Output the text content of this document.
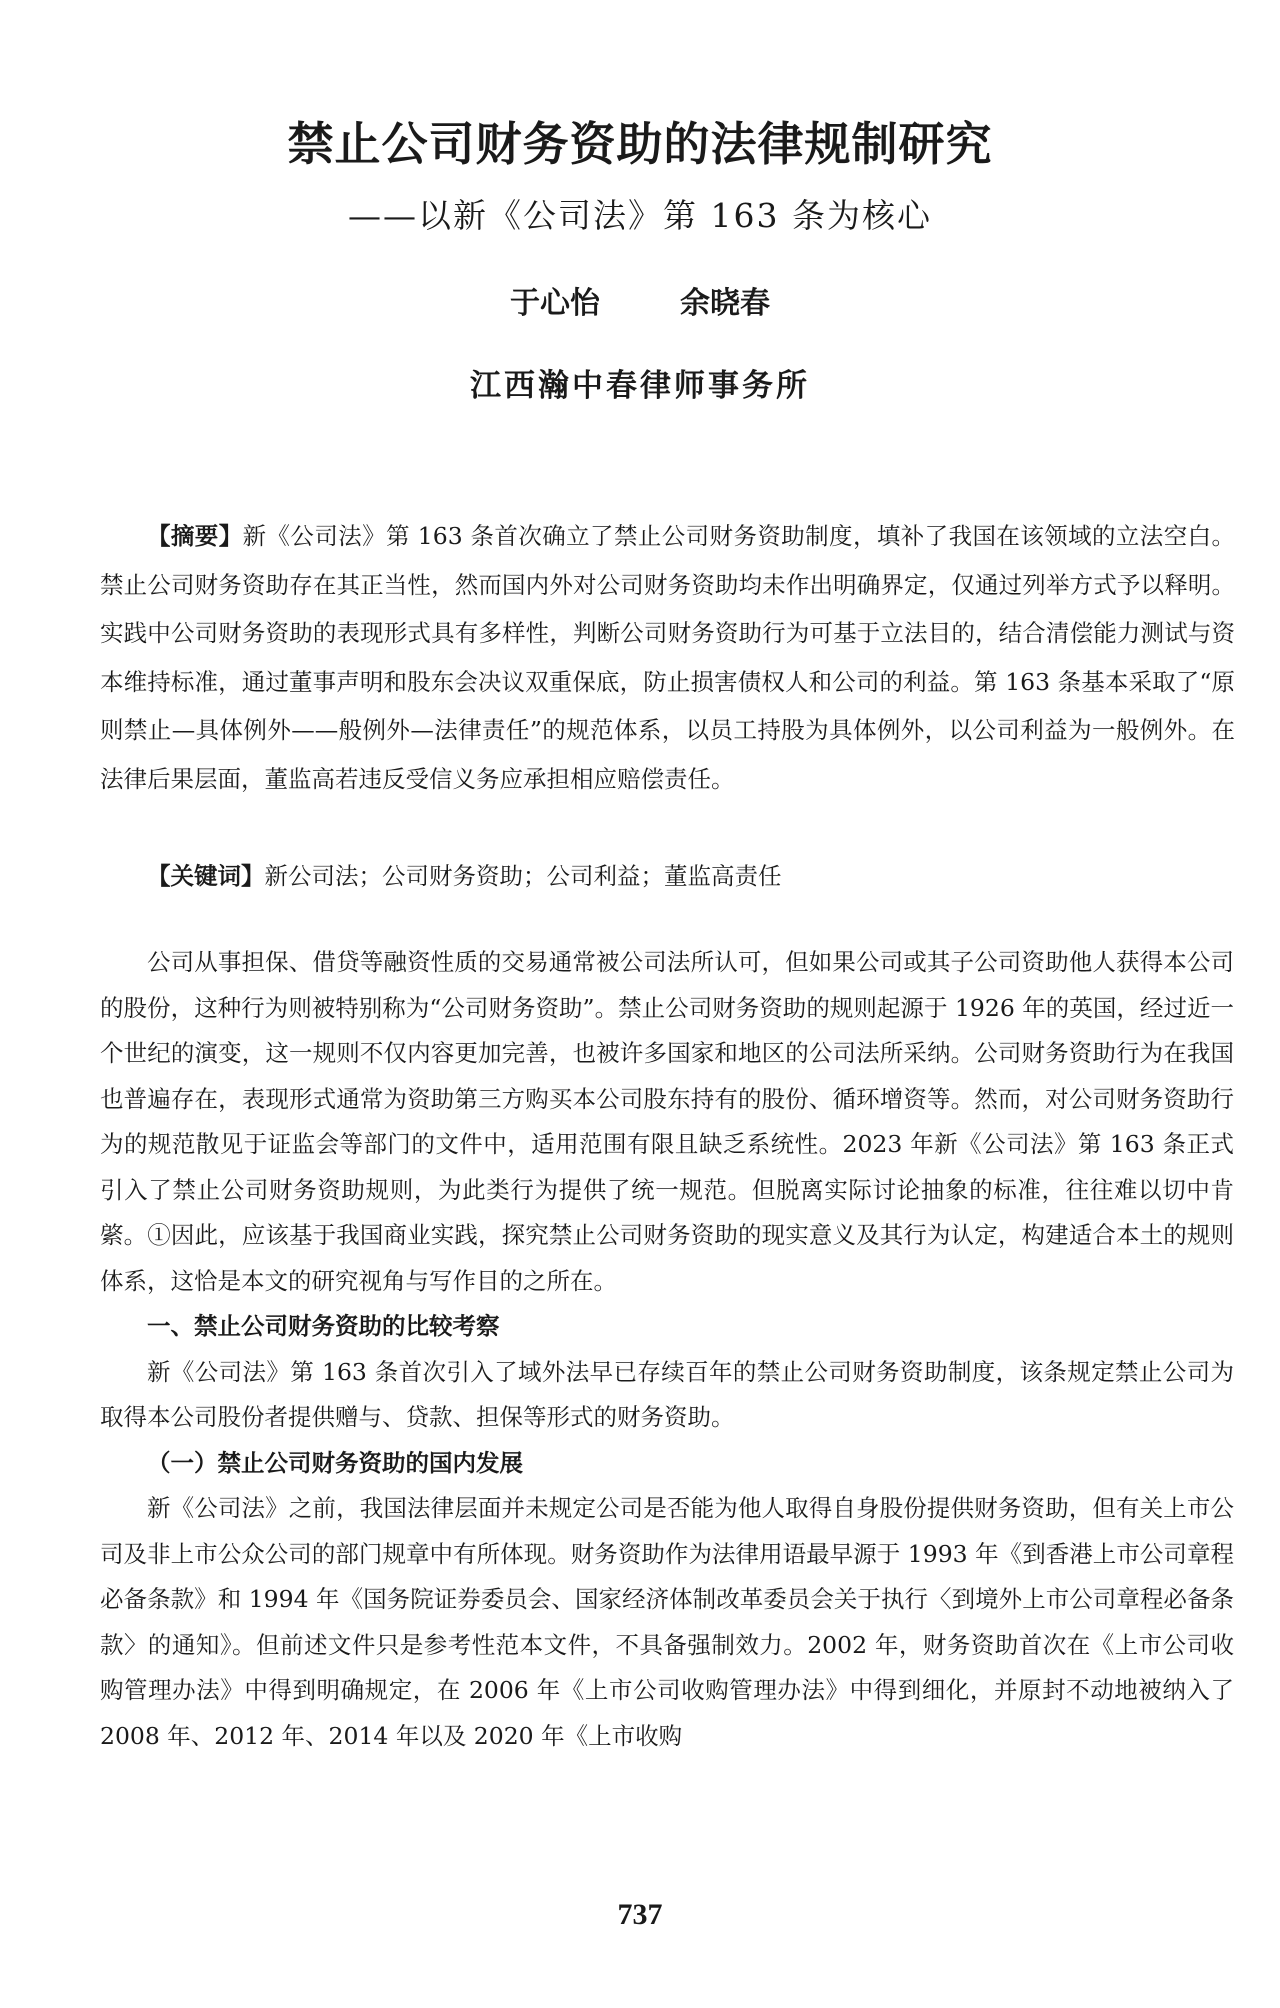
禁止公司财务资助的法律规制研究
——以新《公司法》第 163 条为核心
于心怡	余晓春
江西瀚中春律师事务所

【摘要】新《公司法》第 163 条首次确立了禁止公司财务资助制度，填补了我国在该领域的立法空白。禁止公司财务资助存在其正当性，然而国内外对公司财务资助均未作出明确界定，仅通过列举方式予以释明。实践中公司财务资助的表现形式具有多样性，判断公司财务资助行为可基于立法目的，结合清偿能力测试与资本维持标准，通过董事声明和股东会决议双重保底，防止损害债权人和公司的利益。第 163 条基本采取了“原则禁止—具体例外——般例外—法律责任”的规范体系，以员工持股为具体例外，以公司利益为一般例外。在法律后果层面，董监高若违反受信义务应承担相应赔偿责任。

【关键词】新公司法；公司财务资助；公司利益；董监高责任

公司从事担保、借贷等融资性质的交易通常被公司法所认可，但如果公司或其子公司资助他人获得本公司的股份，这种行为则被特别称为“公司财务资助”。禁止公司财务资助的规则起源于 1926 年的英国，经过近一个世纪的演变，这一规则不仅内容更加完善，也被许多国家和地区的公司法所采纳。公司财务资助行为在我国也普遍存在，表现形式通常为资助第三方购买本公司股东持有的股份、循环增资等。然而，对公司财务资助行为的规范散见于证监会等部门的文件中，适用范围有限且缺乏系统性。2023 年新《公司法》第 163 条正式引入了禁止公司财务资助规则，为此类行为提供了统一规范。但脱离实际讨论抽象的标准，往往难以切中肯綮。①因此，应该基于我国商业实践，探究禁止公司财务资助的现实意义及其行为认定，构建适合本土的规则体系，这恰是本文的研究视角与写作目的之所在。

一、禁止公司财务资助的比较考察

新《公司法》第 163 条首次引入了域外法早已存续百年的禁止公司财务资助制度，该条规定禁止公司为取得本公司股份者提供赠与、贷款、担保等形式的财务资助。

（一）禁止公司财务资助的国内发展

新《公司法》之前，我国法律层面并未规定公司是否能为他人取得自身股份提供财务资助，但有关上市公司及非上市公众公司的部门规章中有所体现。财务资助作为法律用语最早源于 1993 年《到香港上市公司章程必备条款》和 1994 年《国务院证券委员会、国家经济体制改革委员会关于执行〈到境外上市公司章程必备条款〉的通知》。但前述文件只是参考性范本文件，不具备强制效力。2002 年，财务资助首次在《上市公司收购管理办法》中得到明确规定，在 2006 年《上市公司收购管理办法》中得到细化，并原封不动地被纳入了 2008 年、2012 年、2014 年以及 2020 年《上市收购

737
